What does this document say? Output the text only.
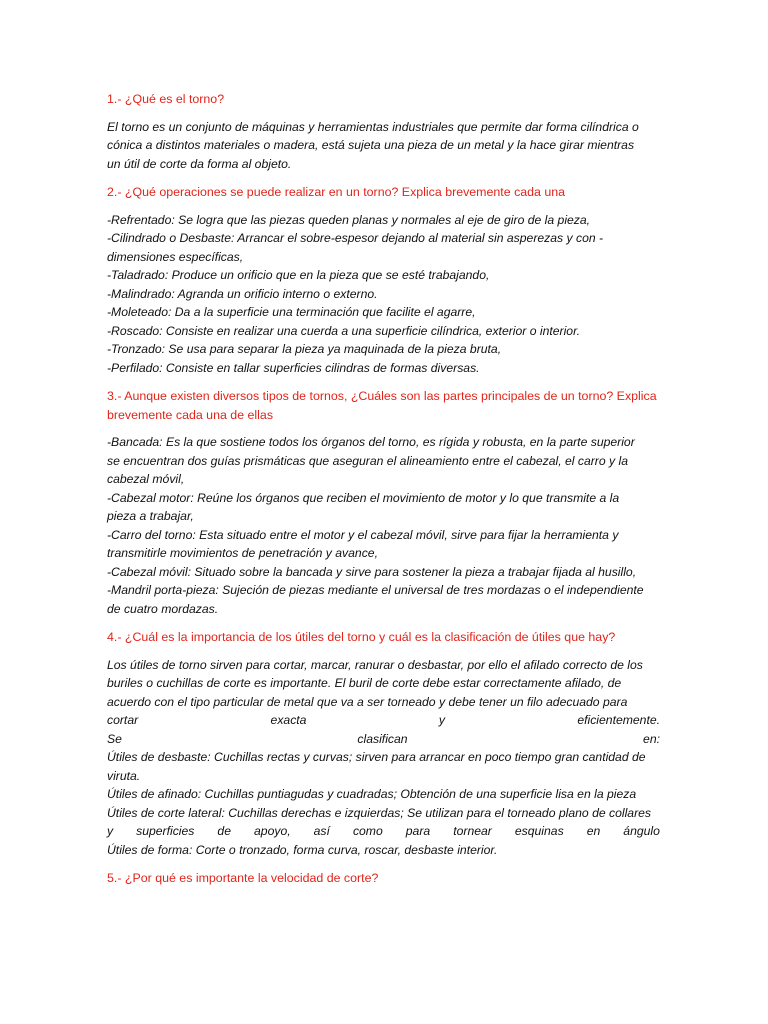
1.- ¿Qué es el torno?

El torno es un conjunto de máquinas y herramientas industriales que permite dar forma cilíndrica o
cónica a distintos materiales o madera, está sujeta una pieza de un metal y la hace girar mientras
un útil de corte da forma al objeto.

2.- ¿Qué operaciones se puede realizar en un torno? Explica brevemente cada una

-Refrentado: Se logra que las piezas queden planas y normales al eje de giro de la pieza,
-Cilindrado o Desbaste: Arrancar el sobre-espesor dejando al material sin asperezas y con -
dimensiones específicas,
-Taladrado: Produce un orificio que en la pieza que se esté trabajando,
-Malindrado: Agranda un orificio interno o externo.
-Moleteado: Da a la superficie una terminación que facilite el agarre,
-Roscado: Consiste en realizar una cuerda a una superficie cilíndrica, exterior o interior.
-Tronzado: Se usa para separar la pieza ya maquinada de la pieza bruta,
-Perfilado: Consiste en tallar superficies cilindras de formas diversas.
3.- Aunque existen diversos tipos de tornos, ¿Cuáles son las partes principales de un torno? Explica
brevemente cada una de ellas
-Bancada: Es la que sostiene todos los órganos del torno, es rígida y robusta, en la parte superior
se encuentran dos guías prismáticas que aseguran el alineamiento entre el cabezal, el carro y la
cabezal móvil,
-Cabezal motor: Reúne los órganos que reciben el movimiento de motor y lo que transmite a la
pieza a trabajar,
-Carro del torno: Esta situado entre el motor y el cabezal móvil, sirve para fijar la herramienta y
transmitirle movimientos de penetración y avance,
-Cabezal móvil: Situado sobre la bancada y sirve para sostener la pieza a trabajar fijada al husillo,
-Mandril porta-pieza: Sujeción de piezas mediante el universal de tres mordazas o el independiente
de cuatro mordazas.

4.- ¿Cuál es la importancia de los útiles del torno y cuál es la clasificación de útiles que hay?

Los útiles de torno sirven para cortar, marcar, ranurar o desbastar, por ello el afilado correcto de los
buriles o cuchillas de corte es importante. El buril de corte debe estar correctamente afilado, de
acuerdo con el tipo particular de metal que va a ser torneado y debe tener un filo adecuado para
cortar	exacta	y	eficientemente.
Se	clasifican	en:
Útiles de desbaste: Cuchillas rectas y curvas; sirven para arrancar en poco tiempo gran cantidad de
viruta.
Útiles de afinado: Cuchillas puntiagudas y cuadradas; Obtención de una superficie lisa en la pieza
Útiles de corte lateral: Cuchillas derechas e izquierdas; Se utilizan para el torneado plano de collares
y superficies de apoyo, así como para tornear esquinas en ángulo
Útiles de forma: Corte o tronzado, forma curva, roscar, desbaste interior.

5.- ¿Por qué es importante la velocidad de corte?
